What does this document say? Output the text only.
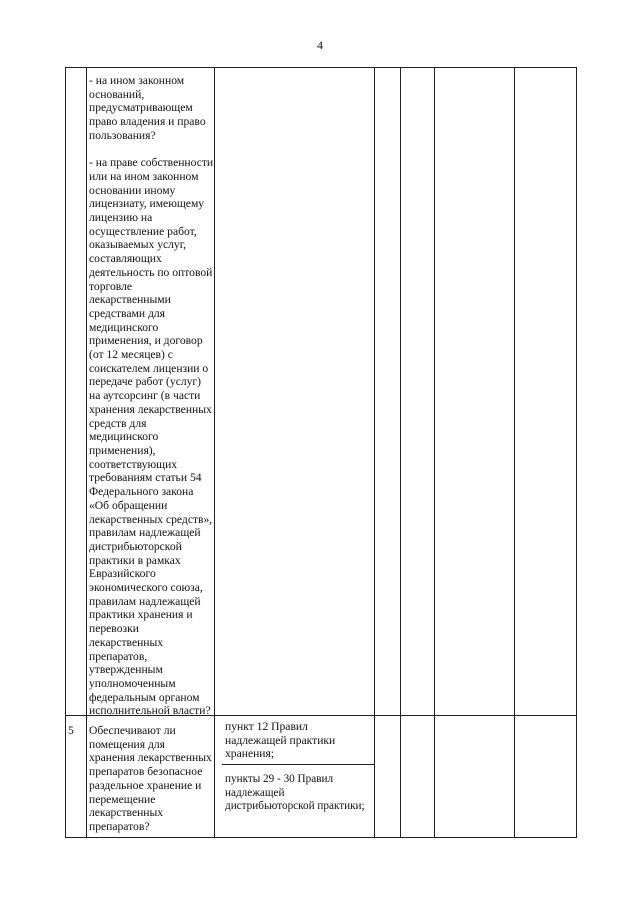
4
- на ином законном
оснований,
предусматривающем
право владения и право
пользования?

- на праве собственности
или на ином законном
основании иному
лицензиату, имеющему
лицензию на
осуществление работ,
оказываемых услуг,
составляющих
деятельность по оптовой
торговле
лекарственными
средствами для
медицинского
применения, и договор
(от 12 месяцев) с
соискателем лицензии о
передаче работ (услуг)
на аутсорсинг (в части
хранения лекарственных
средств для
медицинского
применения),
соответствующих
требованиям статьи 54
Федерального закона
«Об обращении
лекарственных средств»,
правилам надлежащей
дистрибьюторской
практики в рамках
Евразийского
экономического союза,
правилам надлежащей
практики хранения и
перевозки
лекарственных
препаратов,
утвержденным
уполномоченным
федеральным органом
исполнительной власти?
5 Обеспечивают ли
помещения для
хранения лекарственных
препаратов безопасное
раздельное хранение и
перемещение
лекарственных
препаратов?
пункт 12 Правил
надлежащей практики
хранения;
пункты 29 - 30 Правил
надлежащей
дистрибьюторской практики;
